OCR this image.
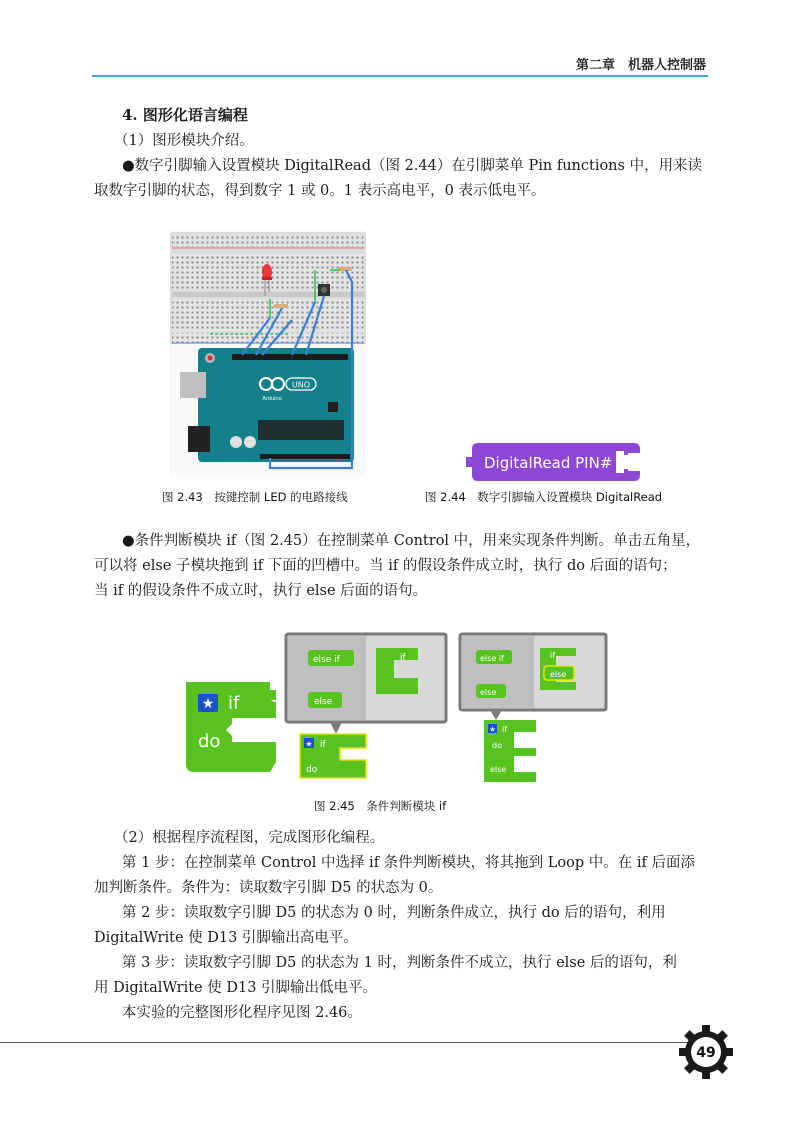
第二章　机器人控制器
4. 图形化语言编程
（1）图形模块介绍。
●数字引脚输入设置模块 DigitalRead（图 2.44）在引脚菜单 Pin functions 中，用来读
取数字引脚的状态，得到数字 1 或 0。1 表示高电平，0 表示低电平。
UNO
Arduino
图 2.43　按键控制 LED 的电路接线
DigitalRead PIN#
图 2.44　数字引脚输入设置模块 DigitalRead
●条件判断模块 if（图 2.45）在控制菜单 Control 中，用来实现条件判断。单击五角星，
可以将 else 子模块拖到 if 下面的凹槽中。当 if 的假设条件成立时，执行 do 后面的语句；
当 if 的假设条件不成立时，执行 else 后面的语句。
★ if
do
else if
else
if
★ if
do
else if
else
if
else
★ if
do
else
图 2.45　条件判断模块 if
（2）根据程序流程图，完成图形化编程。
第 1 步：在控制菜单 Control 中选择 if 条件判断模块，将其拖到 Loop 中。在 if 后面添
加判断条件。条件为：读取数字引脚 D5 的状态为 0。
第 2 步：读取数字引脚 D5 的状态为 0 时，判断条件成立，执行 do 后的语句，利用
DigitalWrite 使 D13 引脚输出高电平。
第 3 步：读取数字引脚 D5 的状态为 1 时，判断条件不成立，执行 else 后的语句，利
用 DigitalWrite 使 D13 引脚输出低电平。
本实验的完整图形化程序见图 2.46。
49
